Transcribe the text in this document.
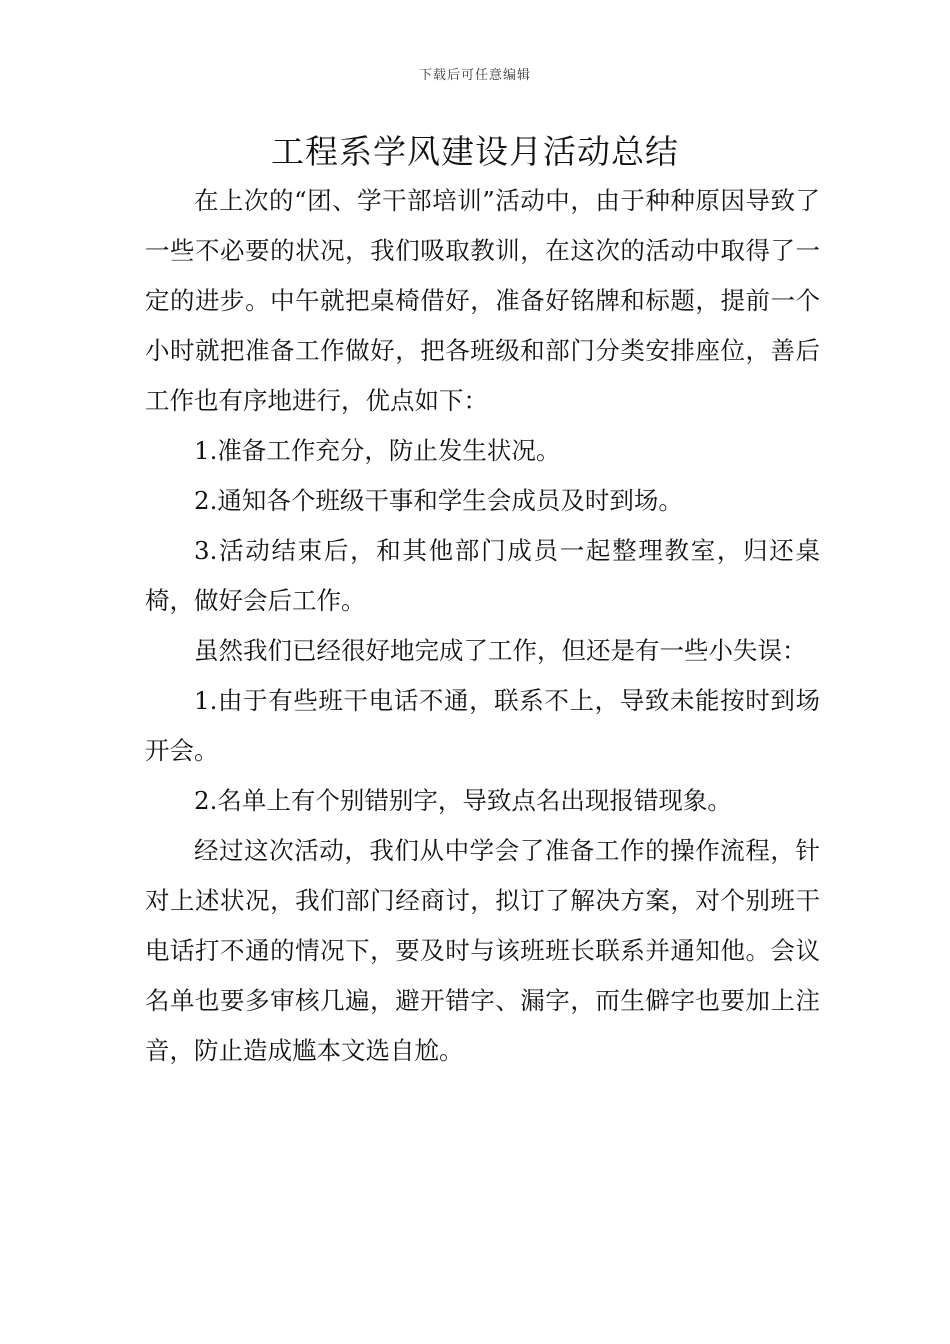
下载后可任意编辑
工程系学风建设月活动总结

在上次的“团、学干部培训”活动中，由于种种原因导致了一些不必要的状况，我们吸取教训，在这次的活动中取得了一定的进步。中午就把桌椅借好，准备好铭牌和标题，提前一个小时就把准备工作做好，把各班级和部门分类安排座位，善后工作也有序地进行，优点如下：

1.准备工作充分，防止发生状况。

2.通知各个班级干事和学生会成员及时到场。

3.活动结束后，和其他部门成员一起整理教室，归还桌椅，做好会后工作。

虽然我们已经很好地完成了工作，但还是有一些小失误：

1.由于有些班干电话不通，联系不上，导致未能按时到场开会。

2.名单上有个别错别字，导致点名出现报错现象。

经过这次活动，我们从中学会了准备工作的操作流程，针对上述状况，我们部门经商讨，拟订了解决方案，对个别班干电话打不通的情况下，要及时与该班班长联系并通知他。会议名单也要多审核几遍，避开错字、漏字，而生僻字也要加上注音，防止造成尴本文选自尬。
